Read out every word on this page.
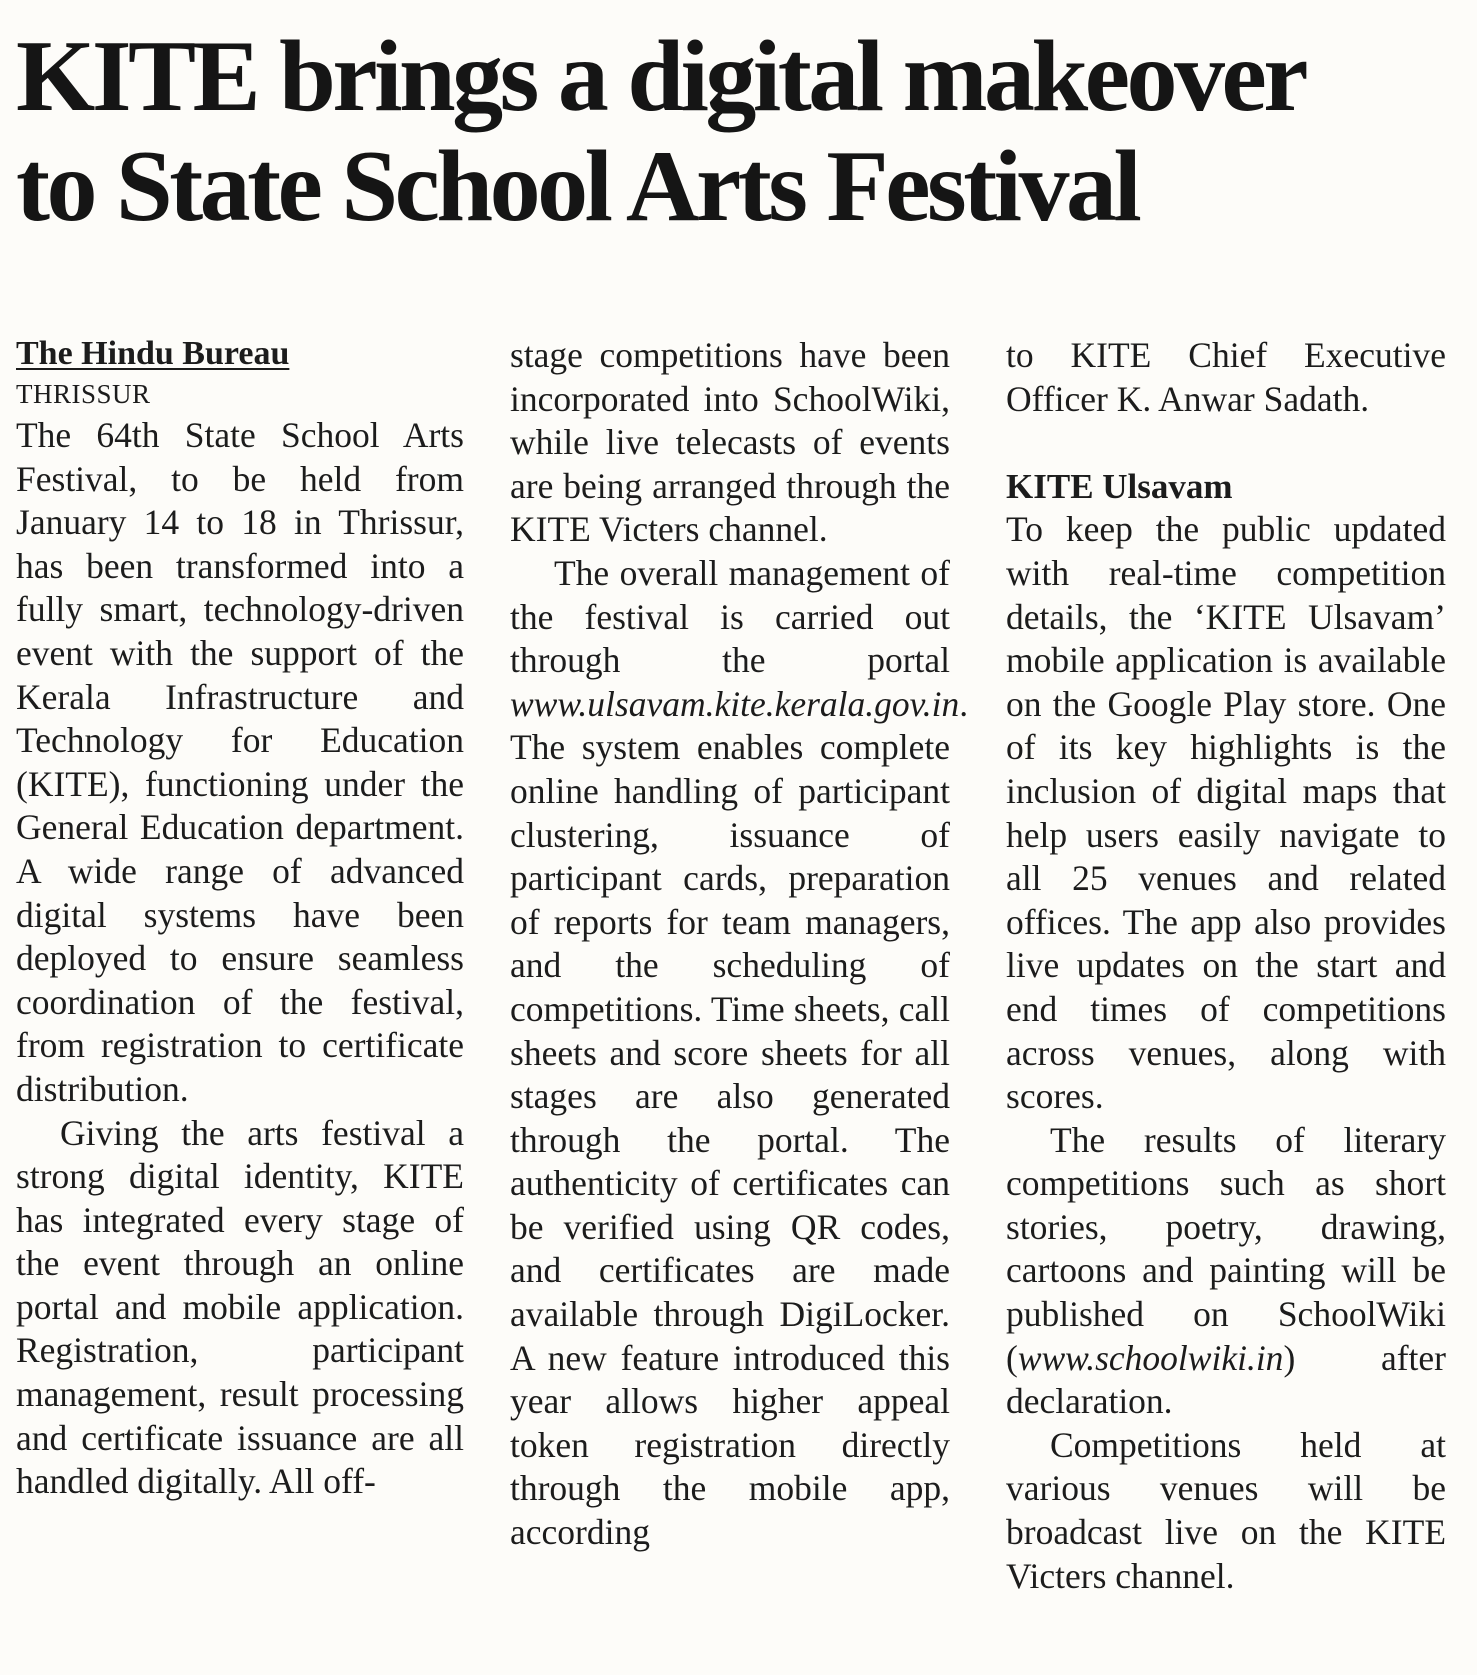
KITE brings a digital makeover
to State School Arts Festival

The Hindu Bureau

THRISSUR

The 64th State School Arts Festival, to be held from January 14 to 18 in Thrissur, has been transformed into a fully smart, technology-driven event with the support of the Kerala Infrastructure and Technology for Education (KITE), functioning under the General Education department. A wide range of advanced digital systems have been deployed to ensure seamless coordination of the festival, from registration to certificate distribution.

Giving the arts festival a strong digital identity, KITE has integrated every stage of the event through an online portal and mobile application. Registration, participant management, result processing and certificate issuance are all handled digitally. All off-

stage competitions have been incorporated into SchoolWiki, while live telecasts of events are being arranged through the KITE Victers channel.

The overall management of the festival is carried out through the portal www.ulsavam.kite.kerala.gov.in. The system enables complete online handling of participant clustering, issuance of participant cards, preparation of reports for team managers, and the scheduling of competitions. Time sheets, call sheets and score sheets for all stages are also generated through the portal. The authenticity of certificates can be verified using QR codes, and certificates are made available through DigiLocker. A new feature introduced this year allows higher appeal token registration directly through the mobile app, according

to KITE Chief Executive Officer K. Anwar Sadath.

KITE Ulsavam

To keep the public updated with real-time competition details, the ‘KITE Ulsavam’ mobile application is available on the Google Play store. One of its key highlights is the inclusion of digital maps that help users easily navigate to all 25 venues and related offices. The app also provides live updates on the start and end times of competitions across venues, along with scores.

The results of literary competitions such as short stories, poetry, drawing, cartoons and painting will be published on SchoolWiki (www.schoolwiki.in) after declaration.

Competitions held at various venues will be broadcast live on the KITE Victers channel.
